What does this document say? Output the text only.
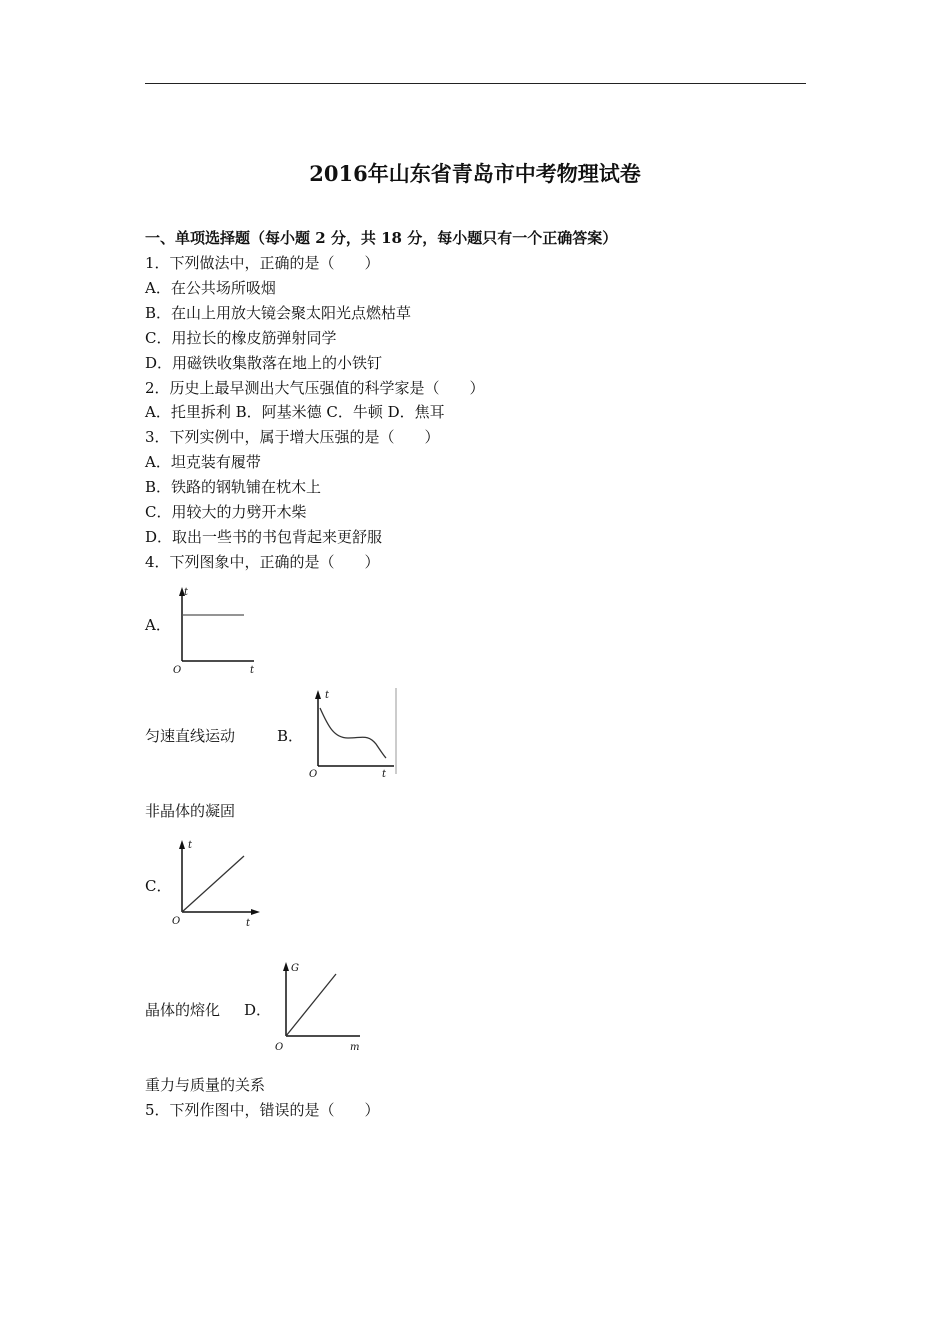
2016年山东省青岛市中考物理试卷
一、单项选择题（每小题 2 分，共 18 分，每小题只有一个正确答案）
1．下列做法中，正确的是（　　）
A．在公共场所吸烟
B．在山上用放大镜会聚太阳光点燃枯草
C．用拉长的橡皮筋弹射同学
D．用磁铁收集散落在地上的小铁钉
2．历史上最早测出大气压强值的科学家是（　　）
A．托里拆利 B．阿基米德 C．牛顿 D．焦耳
3．下列实例中，属于增大压强的是（　　）
A．坦克装有履带
B．铁路的钢轨铺在枕木上
C．用较大的力劈开木柴
D．取出一些书的书包背起来更舒服
4．下列图象中，正确的是（　　）
A．
O	t
t
匀速直线运动	B．
O	t
t
非晶体的凝固
C．
O	t
t
晶体的熔化 D．
O	m
G
重力与质量的关系
5．下列作图中，错误的是（　　）
